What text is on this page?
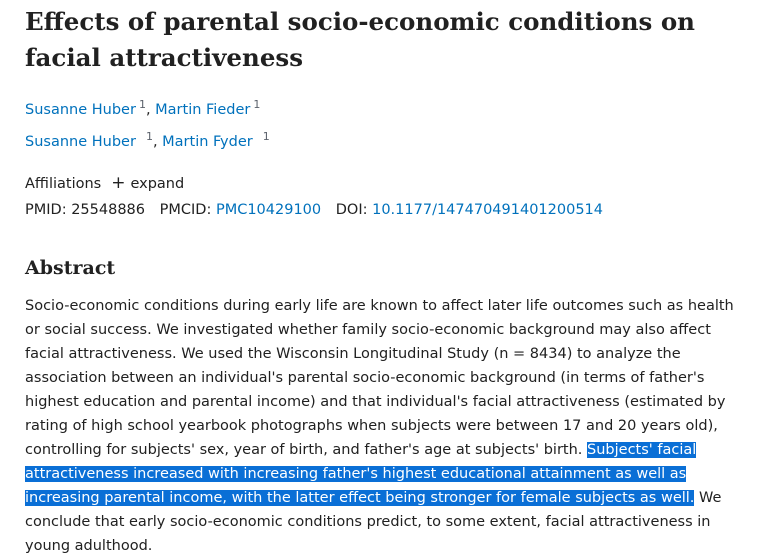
Effects of parental socio-economic conditions on facial attractiveness
Susanne Huber $^1$, Martin Fieder $^1$
Susanne Huber $^1$, Martin Fyder $^1$
Affiliations + expand
PMID: 25548886 PMCID: PMC10429100 DOI: 10.1177/147470491401200514
Abstract

Socio-economic conditions during early life are known to affect later life outcomes such as health or social success. We investigated whether family socio-economic background may also affect facial attractiveness. We used the Wisconsin Longitudinal Study (n = 8434) to analyze the association between an individual's parental socio-economic background (in terms of father's highest education and parental income) and that individual's facial attractiveness (estimated by rating of high school yearbook photographs when subjects were between 17 and 20 years old), controlling for subjects' sex, year of birth, and father's age at subjects' birth. Subjects' facial attractiveness increased with increasing father's highest educational attainment as well as increasing parental income, with the latter effect being stronger for female subjects as well. We conclude that early socio-economic conditions predict, to some extent, facial attractiveness in young adulthood.
